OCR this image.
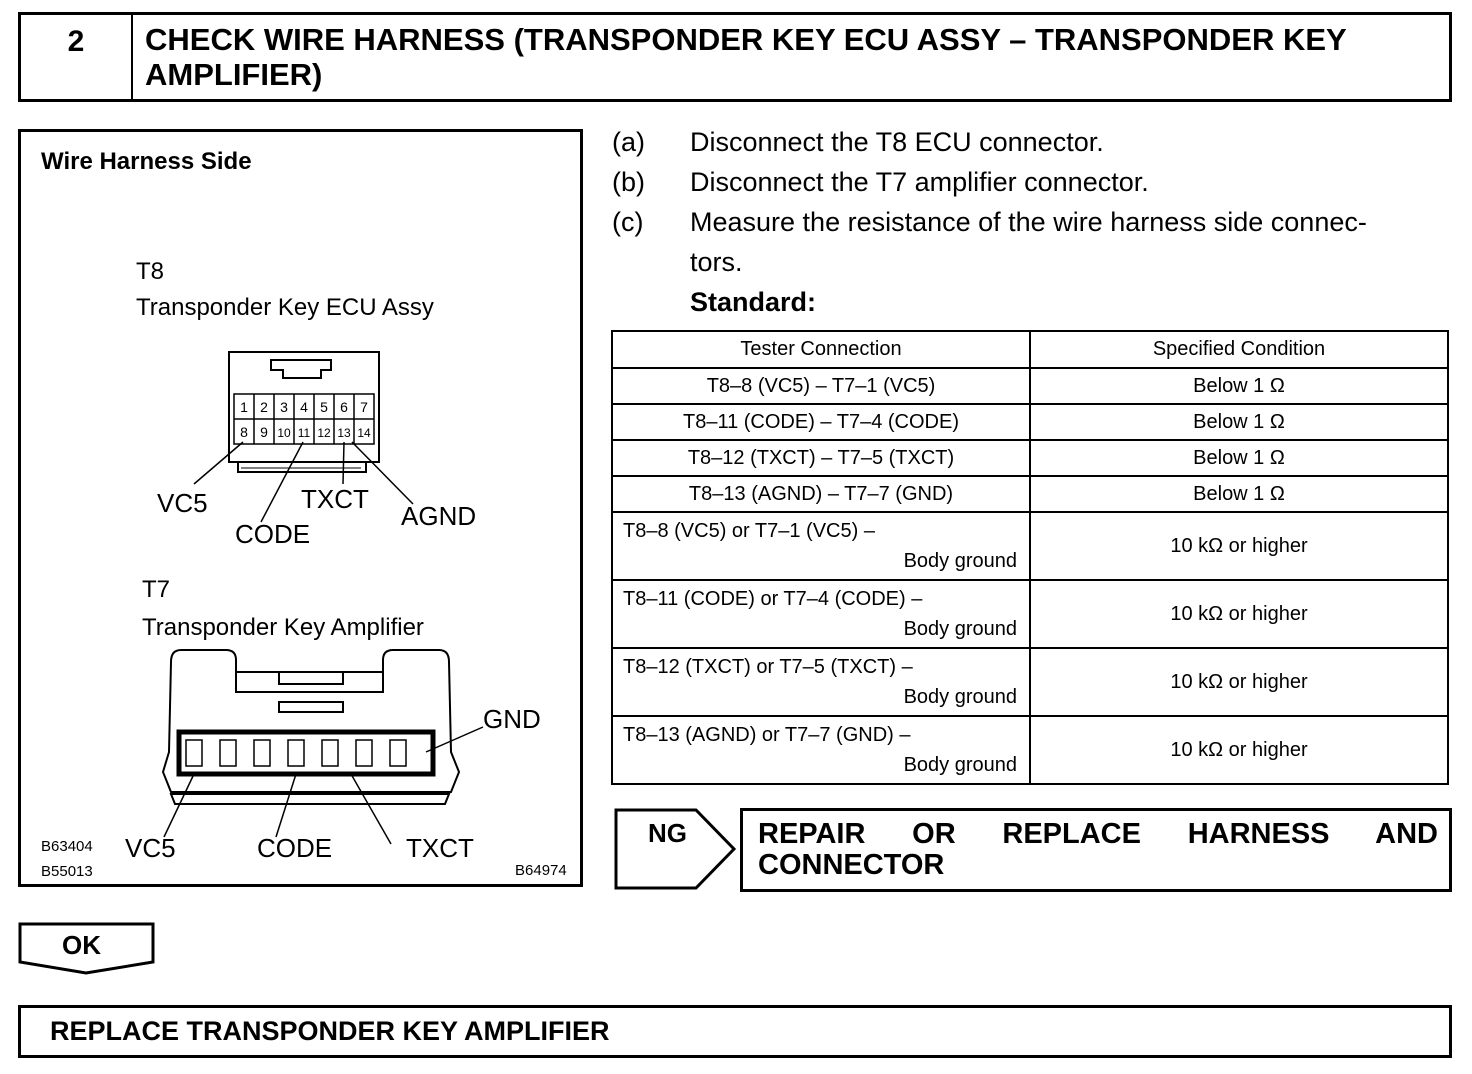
2	CHECK WIRE HARNESS (TRANSPONDER KEY ECU ASSY – TRANSPONDER KEY AMPLIFIER)
1 2 3 4 5 6 7
8 9 10 11 12 13 14
Wire Harness Side
T8
Transponder Key ECU Assy
VC5
CODE
TXCT
AGND
T7
Transponder Key Amplifier
GND
VC5	CODE	TXCT
B63404
B55013	B64974
(a) Disconnect the T8 ECU connector.
(b) Disconnect the T7 amplifier connector.
(c) Measure the resistance of the wire harness side connec-
tors.
Standard:
Tester Connection	Specified Condition
T8–8 (VC5) – T7–1 (VC5)	Below 1 Ω
T8–11 (CODE) – T7–4 (CODE)	Below 1 Ω
T8–12 (TXCT) – T7–5 (TXCT)	Below 1 Ω
T8–13 (AGND) – T7–7 (GND)	Below 1 Ω

T8–8 (VC5) or T7–1 (VC5) –
Body ground	10 kΩ or higher

T8–11 (CODE) or T7–4 (CODE) –
Body ground	10 kΩ or higher

T8–12 (TXCT) or T7–5 (TXCT) –
Body ground	10 kΩ or higher

T8–13 (AGND) or T7–7 (GND) –
Body ground	10 kΩ or higher
NG REPAIR OR REPLACE HARNESS AND CONNECTOR
OK
REPLACE TRANSPONDER KEY AMPLIFIER
